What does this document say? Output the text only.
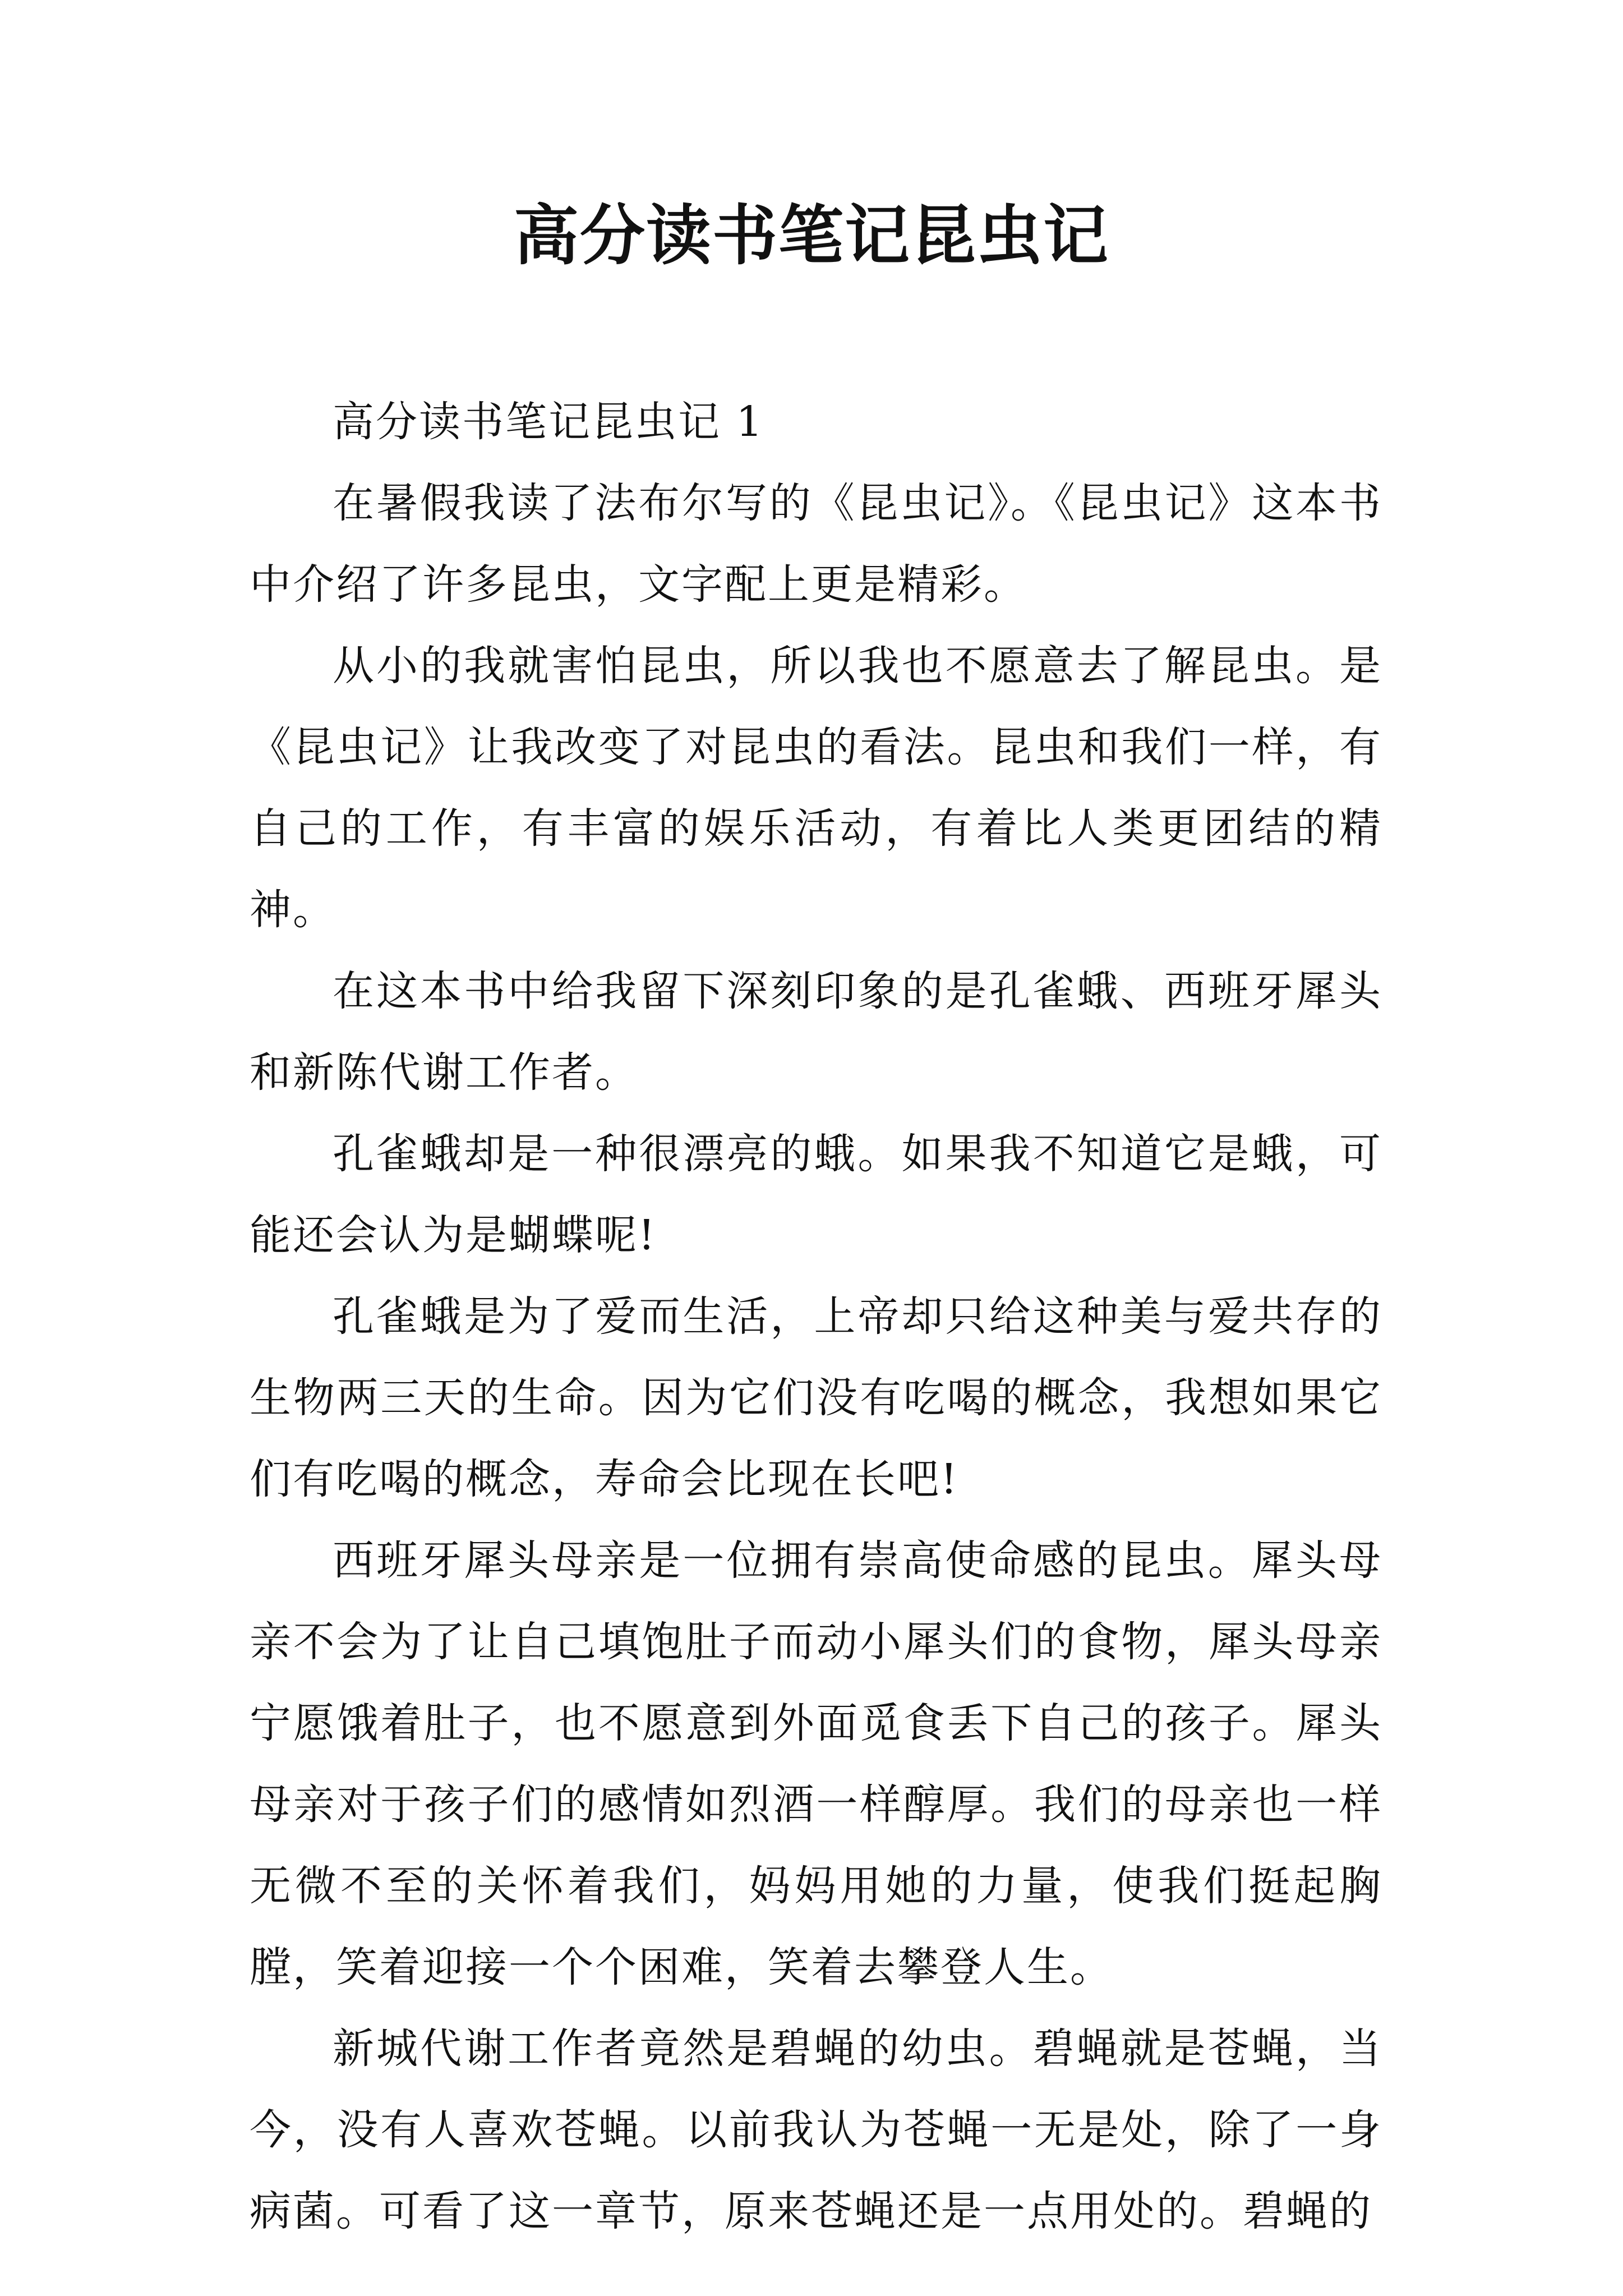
高分读书笔记昆虫记

高分读书笔记昆虫记 1

在暑假我读了法布尔写的《昆虫记》。《昆虫记》这本书中介绍了许多昆虫，文字配上更是精彩。

从小的我就害怕昆虫，所以我也不愿意去了解昆虫。是《昆虫记》让我改变了对昆虫的看法。昆虫和我们一样，有自己的工作，有丰富的娱乐活动，有着比人类更团结的精神。

在这本书中给我留下深刻印象的是孔雀蛾、西班牙犀头和新陈代谢工作者。

孔雀蛾却是一种很漂亮的蛾。如果我不知道它是蛾，可能还会认为是蝴蝶呢!

孔雀蛾是为了爱而生活，上帝却只给这种美与爱共存的生物两三天的生命。因为它们没有吃喝的概念，我想如果它们有吃喝的概念，寿命会比现在长吧!

西班牙犀头母亲是一位拥有崇高使命感的昆虫。犀头母亲不会为了让自己填饱肚子而动小犀头们的食物，犀头母亲宁愿饿着肚子，也不愿意到外面觅食丢下自己的孩子。犀头母亲对于孩子们的感情如烈酒一样醇厚。我们的母亲也一样无微不至的关怀着我们，妈妈用她的力量，使我们挺起胸膛，笑着迎接一个个困难，笑着去攀登人生。

新城代谢工作者竟然是碧蝇的幼虫。碧蝇就是苍蝇，当今，没有人喜欢苍蝇。以前我认为苍蝇一无是处，除了一身病菌。可看了这一章节，原来苍蝇还是一点用处的。碧蝇的
